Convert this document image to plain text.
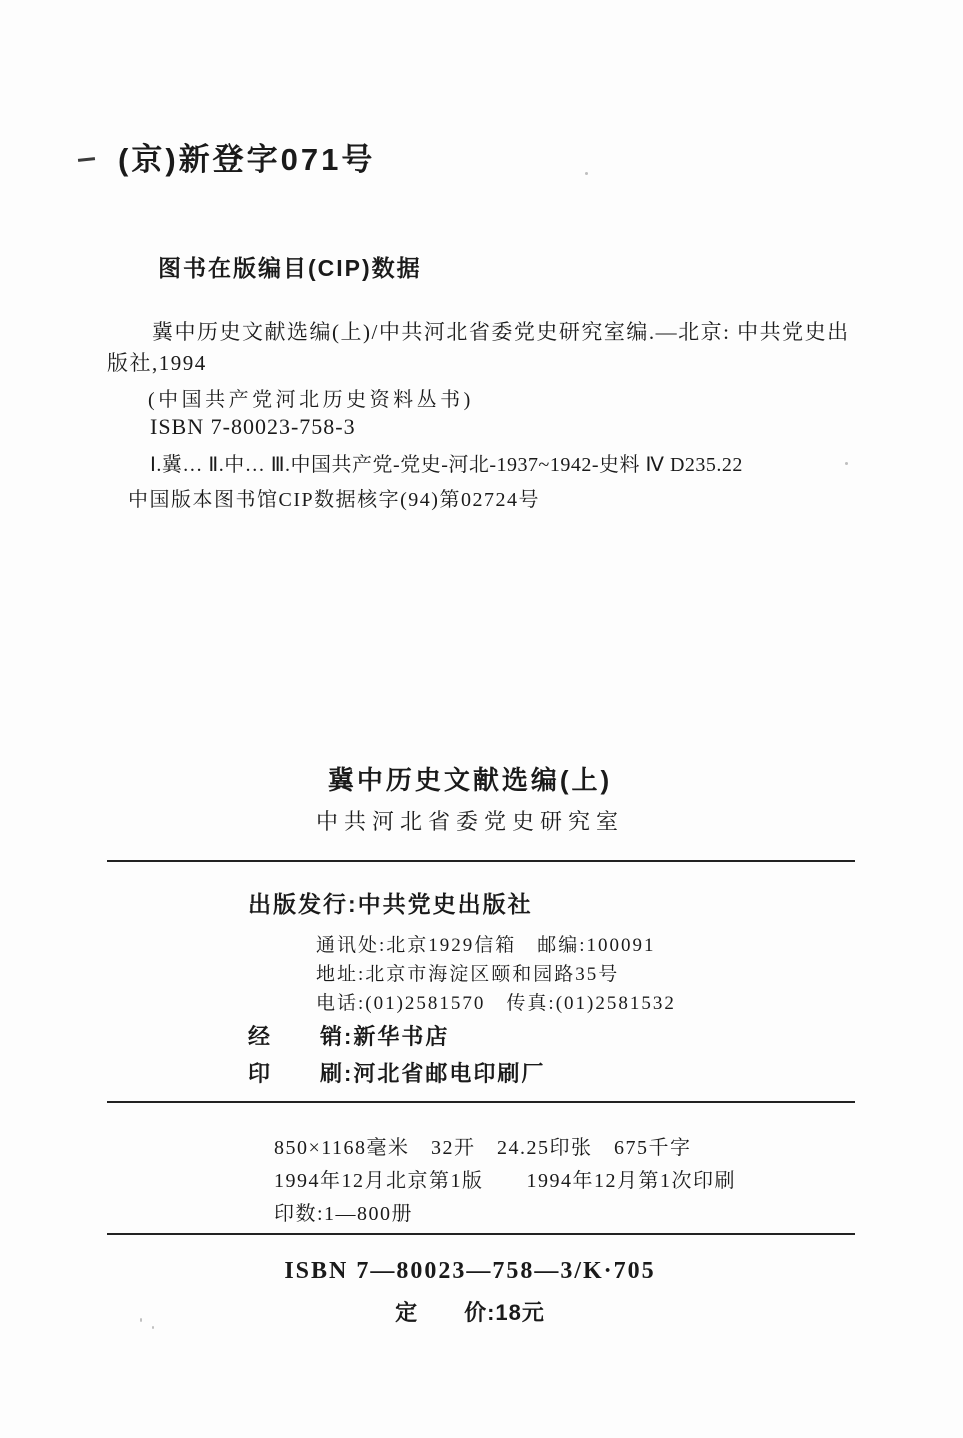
(京)新登字071号
图书在版编目(CIP)数据
冀中历史文献选编(上)/中共河北省委党史研究室编.—北京: 中共党史出
版社,1994
(中国共产党河北历史资料丛书)
ISBN 7-80023-758-3
Ⅰ.冀… Ⅱ.中… Ⅲ.中国共产党-党史-河北-1937~1942-史料 Ⅳ D235.22
中国版本图书馆CIP数据核字(94)第02724号
冀中历史文献选编(上)
中共河北省委党史研究室
出版发行:中共党史出版社
通讯处:北京1929信箱　邮编:100091
地址:北京市海淀区颐和园路35号
电话:(01)2581570　传真:(01)2581532
经　　销:新华书店
印　　刷:河北省邮电印刷厂
850×1168毫米　32开　24.25印张　675千字
1994年12月北京第1版　　1994年12月第1次印刷
印数:1—800册
ISBN 7—80023—758—3/K·705
定　　价:18元
